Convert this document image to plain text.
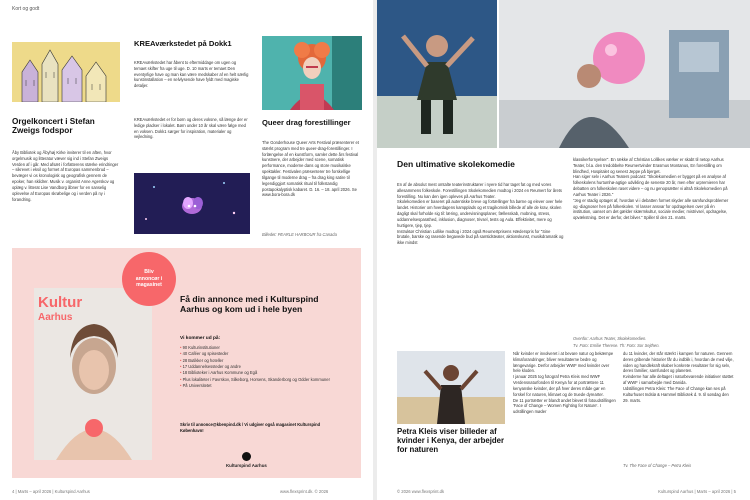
Kort og godt
Orgelkoncert i Stefan Zweigs fodspor
Åby Bibliotek og Åbyhøj Kirke inviterer til en aften, hvor orgelmusik og litteratur væver sig ind i Stefan Zweigs Verden af i går. Med afsæt i forfatterens stærke erindringer – sikrevet i eksil og formet af Europas sammenbrud – bevæger vi os kronologisk og geografisk gennem de epoker, han skildrer. Musik v. organist Anne Agerskov og oplæg v. litterat Lise Vandborg åbner for en sanselig oplevelse af Europas skrøbelige og i verden på ny i forandring.
KREAværkstedet på Dokk1
KREAværkstedet har åbent to eftermiddage om ugen og temaet skifter fra uge til uge. D. 10 marts er temaet Den eventyrlige have og man kan være medskaber af en helt særlig kunstinstallation – en selvlysende have fyldt med magiske detaljer.
KREAværkstedet er for børn og deres voksne, så længe der er ledige pladser i lokalet. Børn under 10 år skal være følge med en voksen. Dokk1 sørger for inspiration, materialer og vejledning.
Queer drag forestillinger
The Gonderhouse Queer Arts Festival præsenterer et stærkt program med tre queer-drag-forestillinger. I forlængelse af en kunstform, samler dette års festival kunstnere, der arbejder med scene, somatisk performance, moderne dans og store musikalske spektakler. Festivalen præsenterer tre forskellige tilgange til moderne drag – fra drag king satire til legendiggjort somatisk ritual til folkstandig postapokalyptisk kabaret. D. 16. – 18. april 2026. Se www.bora-bora.dk
Billedet: PEARLE HARBOUR fra Canada
Kultur
Aarhus
Bliv
annoncør i
magasinet
Få din annonce med i Kulturspind Aarhus og kom ud i hele byen
Vi kommer ud på:
• 90 Kulturinstitutioner
• 40 Caféer og spisesteder
• 28 Butikker og hoteller
• 17 Uddannelsessteder og andre
• 18 Biblioteker i Aarhus Kommune og Egå
• Plus lokaliteter i Favrskov, Silkeborg, Horsens, Skanderborg og Odder kommuner
• På Universitetet
Skriv til annonce@kbenpind.dk / Vi udgiver også magasinet Kulturspind København!
Kulturspind Aarhus
4 | Marts – april 2026 | Kulturspind Aarhus	www.flexsprint.dk. © 2026
Den ultimative skolekomedie
En af de absolut mest omtalte teaterinstruktører i nyere tid har taget fat og med vores allesammens folkeskole. Forestillingen Skolekomedien modtog i 2024 en Reumert for årets forestilling. Nu kan den igen opleves på Aarhus Teater.
Skolekomedien er baseret på autentiske breve og fortællinger fra børne og elever over hele landet. Historier om hverdagens kampplads og et tragikomisk billede af alle de krav, skolen dagligt skal forholde sig til: læring, undervisningsplaner, fællesskab, mobning, stress, uddannelsesparathed, inklusion, diagnoser, trivsel, tests og Aula. Effektivitet, mere og hurtigere, tjep, tjep.
Instruktør Christian Lollike modtog i 2024 også Reumertprisens Hæderspris for "Sine brutale, barske og rasende begavede bud på samtidsteater, aktionskunst, musikdramatik og ikke mindst
klassikerfornyelser". En række af Christian Lollikes værker er skabt til netop Aarhus Teater, bl.a. den tredobbelte Reumertvinder Erasmus Montanus, En forestilling om blindhed, Hospitalet og senest Jeppe på bjerget.
Han siger selv i Aarhus Teaters podcast: "Skolekomedien er bygget på en analyse af folkeskolens hurtumhø-agtige udvikling de seneste 20 år, men efter urpremieren har debatten om folkeskolen raset videre – og nu genopsætter vi altså Skolekomedien på Aarhus Teater i 2026."
"Jeg er stadig optaget af, hvordan vi i debatten formet skyder alle samfundsproblemer og -diagnoser hen på folkeskolen. Vi lasser ansvar for opdragelsen over på én institution, uanset om det gælder skærmkultur, sociale medier, mistrivsel, opdragelse, opvækstning. Det er derfor, det bliver." Spiller til den 21. marts.
Ovenfor: Aarhus Teater, Skolekomedien.
Tv. Foto: Emilie Therese. Th: Foto: Sor Sejthen.
Petra Kleis viser billeder af kvinder i Kenya, der arbejder for naturen
Når kvinder er involveret i at bevare natur og bekæmpe klimaforandringer, bliver resultaterne bedre og længevarige. Derfor arbejder WWF med kvinder over hele kloden.
I januar 2025 tog fotograf Petra Kleis med WWF Verdensnaturfonden til Kenya for at portrættere 11 kenyanske kvinder, der på hver deres måde gør en forskel for naturen, klimaet og de truede dyrearter.
De 11 portrætter er blandt andet blevet til fotoudstillingen 'Face of Change – Women Fighting for Nature'. I udstillingen møder
du 11 kvinder, der står stærkt i kampen for naturen. Gennem deres gribende historier får du indblik i, hvordan de med vilje, viden og handlekraft skaber konkrete resultater for sig selv, deres familier, samfundet og planeten.
Kvinderne har alle deltaget i naturbevarende initiativer støttet af WWF i samarbejde med Danida.
Udstillingen Petra Kleis: The Face of Change kan ses på Kulturhuset Indslø & Hammel Bibliotek d. 9. til søndag den 29. marts.
Tv. The Face of Change – Petra Kleis
© 2026 www.flexsprint.dk	Kulturspind Aarhus | Marts – april 2026 | 5
